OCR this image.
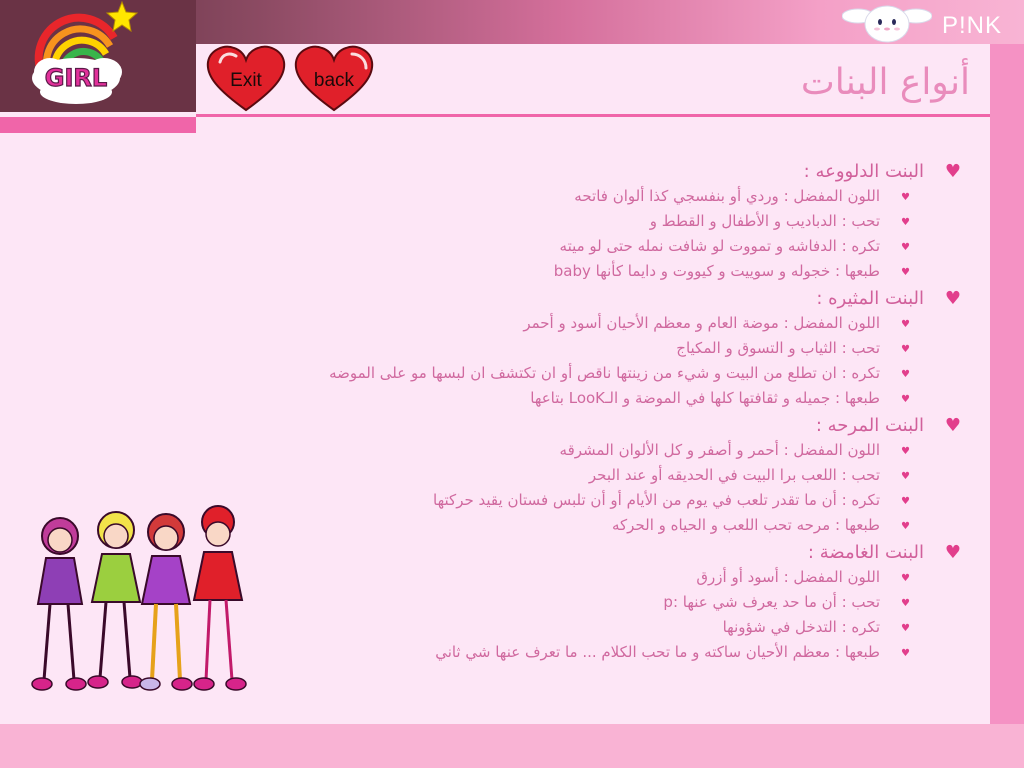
GIRL
P!NK
Exit	back	أنواع البنات
♥
البنت الدلووعه :
♥
اللون المفضل : وردي أو بنفسجي كذا ألوان فاتحه
♥
تحب : الدباديب و الأطفال و القطط و
♥
تكره : الدفاشه و تمووت لو شافت نمله حتى لو ميته
♥
طبعها : خجوله و سوييت و كيووت و دايما كأنها baby
♥
البنت المثيره :
♥
اللون المفضل : موضة العام و معظم الأحيان أسود و أحمر
♥
تحب : الثياب و التسوق و المكياج
♥
تكره : ان تطلع من البيت و شيء من زينتها ناقص أو ان تكتشف ان لبسها مو على الموضه
♥
طبعها : جميله و ثقافتها كلها في الموضة و الـLooK بتاعها
♥
البنت المرحه :
♥
اللون المفضل : أحمر و أصفر و كل الألوان المشرقه
♥
تحب : اللعب برا البيت في الحديقه أو عند البحر
♥
تكره : أن ما تقدر تلعب في يوم من الأيام أو أن تلبس فستان يقيد حركتها
♥
طبعها : مرحه تحب اللعب و الحياه و الحركه
♥
البنت الغامضة :
♥
اللون المفضل : أسود أو أزرق
♥
تحب : أن ما حد يعرف شي عنها :p
♥
تكره : التدخل في شؤونها
♥
طبعها : معظم الأحيان ساكته و ما تحب الكلام ... ما تعرف عنها شي ثاني
